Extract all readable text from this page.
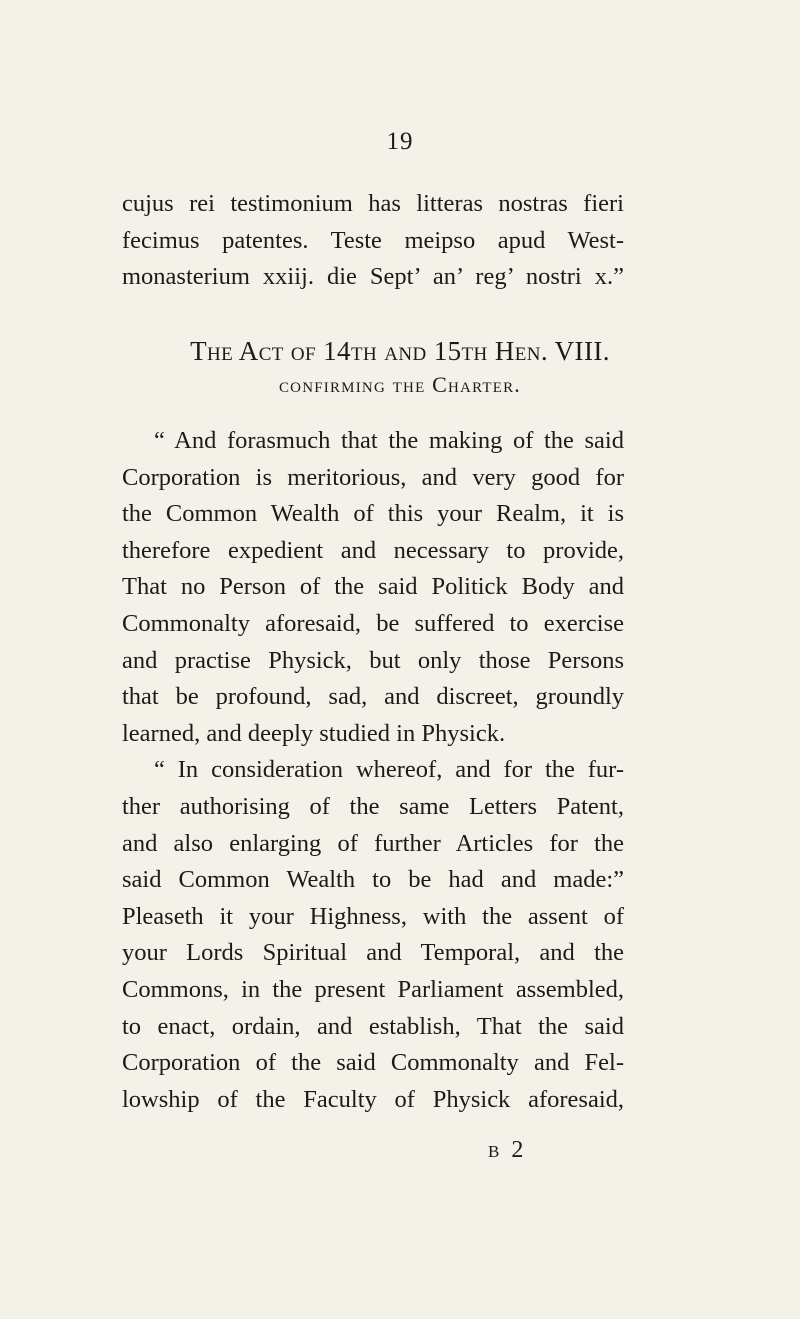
19
cujus rei testimonium has litteras nostras fieri
fecimus patentes. Teste meipso apud West-
monasterium xxiij. die Sept’ an’ reg’ nostri x.”
The Act of 14th and 15th Hen. VIII.
confirming the Charter.
“ And forasmuch that the making of the said
Corporation is meritorious, and very good for
the Common Wealth of this your Realm, it is
therefore expedient and necessary to provide,
That no Person of the said Politick Body and
Commonalty aforesaid, be suffered to exercise
and practise Physick, but only those Persons
that be profound, sad, and discreet, groundly
learned, and deeply studied in Physick.
“ In consideration whereof, and for the fur-
ther authorising of the same Letters Patent,
and also enlarging of further Articles for the
said Common Wealth to be had and made:”
Pleaseth it your Highness, with the assent of
your Lords Spiritual and Temporal, and the
Commons, in the present Parliament assembled,
to enact, ordain, and establish, That the said
Corporation of the said Commonalty and Fel-
lowship of the Faculty of Physick aforesaid,
b 2
